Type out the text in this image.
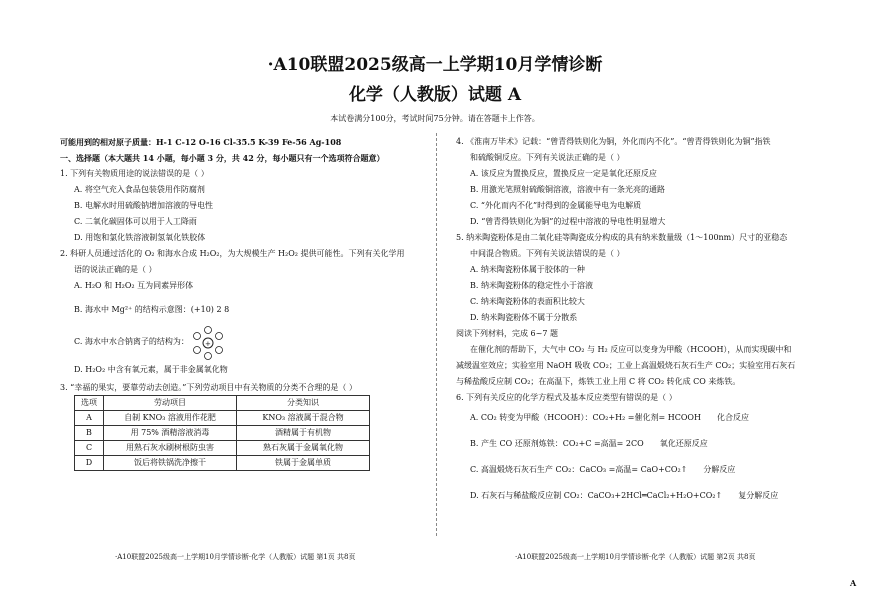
·A10联盟2025级高一上学期10月学情诊断
化学（人教版）试题 A
本试卷满分100分，考试时间75分钟。请在答题卡上作答。

可能用到的相对原子质量：H-1 C-12 O-16 Cl-35.5 K-39 Fe-56 Ag-108

一、选择题（本大题共 14 小题，每小题 3 分，共 42 分，每小题只有一个选项符合题意）

1. 下列有关物质用途的说法错误的是（ ）

A. 将空气充入食品包装袋用作防腐剂

B. 电解水时用硫酸钠增加溶液的导电性

C. 二氧化碳固体可以用于人工降雨

D. 用饱和氯化铁溶液制氢氧化铁胶体

2. 科研人员通过活化的 O₂ 和海水合成 H₂O₂，为大规模生产 H₂O₂ 提供可能性。下列有关化学用

语的说法正确的是（ ）

A. H₂O 和 H₂O₂ 互为同素异形体

B. 海水中 Mg²⁺ 的结构示意图：(+10) 2 8

C. 海水中水合钠离子的结构为：	+

D. H₂O₂ 中含有氧元素，属于非金属氧化物

3. “幸福的果实，要靠劳动去创造。”下列劳动项目中有关物质的分类不合理的是（ ）

选项	劳动项目	分类知识
A	自制 KNO₃ 溶液用作花肥	KNO₃ 溶液属于混合物
B	用 75% 酒精溶液消毒	酒精属于有机物
C	用熟石灰水刷树根防虫害	熟石灰属于金属氧化物
D	饭后将铁锅洗净擦干	铁属于金属单质

4. 《淮南万毕术》记载：“曾青得铁则化为铜，外化而内不化”。“曾青得铁则化为铜”指铁

和硫酸铜反应。下列有关说法正确的是（ ）

A. 该反应为置换反应，置换反应一定是氧化还原反应

B. 用激光笔照射硫酸铜溶液，溶液中有一条光亮的通路

C. “外化而内不化”时得到的金属能导电为电解质

D. “曾青得铁则化为铜”的过程中溶液的导电性明显增大

5. 纳米陶瓷粉体是由二氧化硅等陶瓷成分构成的具有纳米数量级（1～100nm）尺寸的亚稳态

中间混合物质。下列有关说法错误的是（ ）

A. 纳米陶瓷粉体属于胶体的一种

B. 纳米陶瓷粉体的稳定性小于溶液

C. 纳米陶瓷粉体的表面积比较大

D. 纳米陶瓷粉体不属于分散系

阅读下列材料，完成 6~7 题

在催化剂的帮助下，大气中 CO₂ 与 H₂ 反应可以变身为甲酸（HCOOH），从而实现碳中和

减缓温室效应；实验室用 NaOH 吸收 CO₂；工业上高温煅烧石灰石生产 CO₂；实验室用石灰石

与稀盐酸反应制 CO₂；在高温下，炼铁工业上用 C 将 CO₂ 转化成 CO 来炼铁。

6. 下列有关反应的化学方程式及基本反应类型有错误的是（ ）

A. CO₂ 转变为甲酸（HCOOH）：CO₂+H₂ =催化剂= HCOOH　　化合反应

B. 产生 CO 还原剂炼铁：CO₂+C =高温= 2CO　　氧化还原反应

C. 高温煅烧石灰石生产 CO₂：CaCO₃ =高温= CaO+CO₂↑　　分解反应

D. 石灰石与稀盐酸反应制 CO₂：CaCO₃+2HCl═CaCl₂+H₂O+CO₂↑　　复分解反应

·A10联盟2025级高一上学期10月学情诊断·化学（人教版）试题 第1页 共8页	·A10联盟2025级高一上学期10月学情诊断·化学（人教版）试题 第2页 共8页
A
